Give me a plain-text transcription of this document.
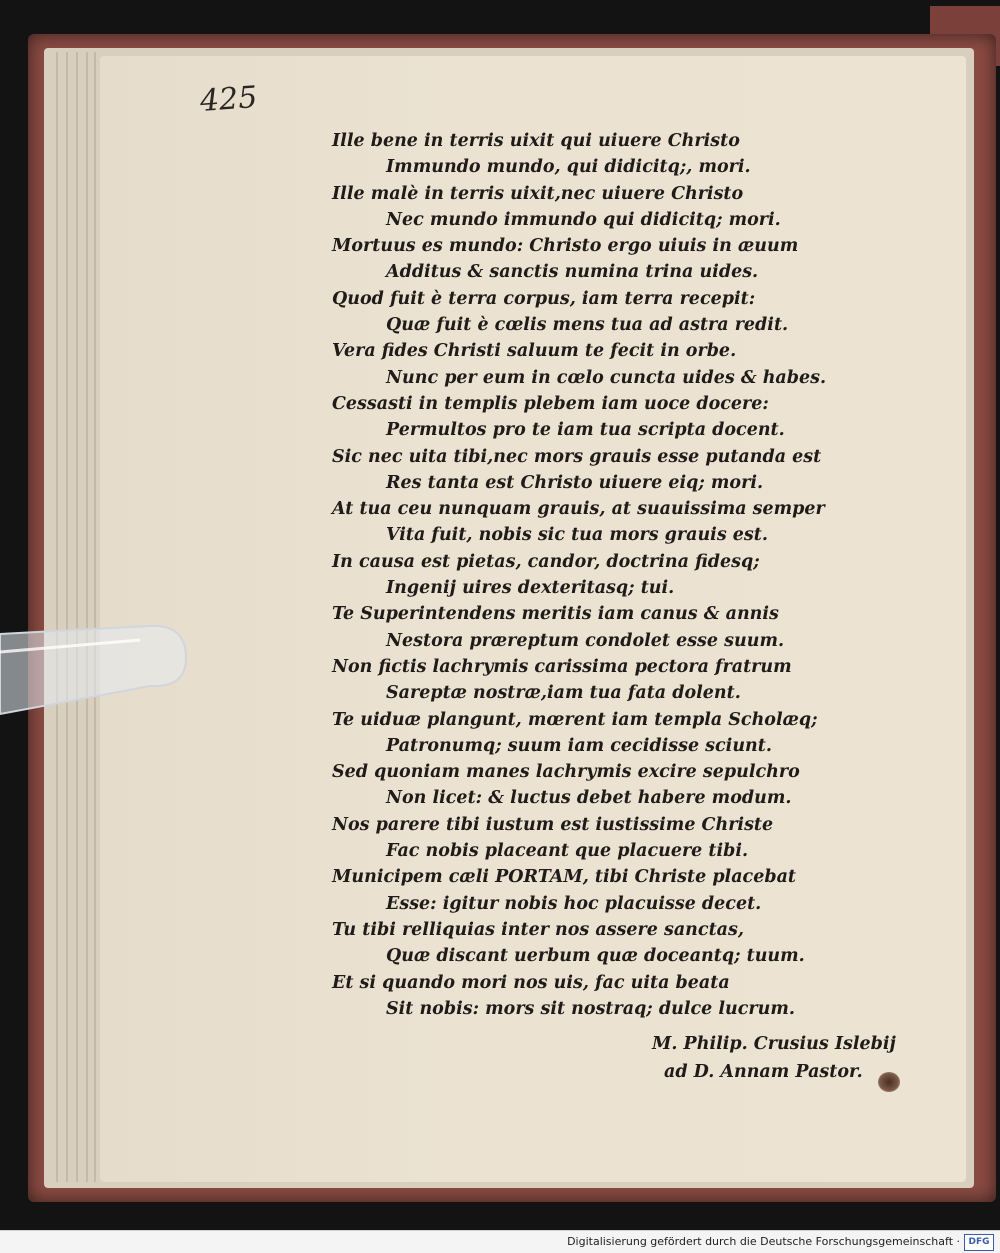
425
Ille bene in terris uixit qui uiuere Christo
Immundo mundo, qui didicitq;, mori.
Ille malè in terris uixit,nec uiuere Christo
Nec mundo immundo qui didicitq; mori.
Mortuus es mundo: Christo ergo uiuis in æuum
Additus & sanctis numina trina uides.
Quod fuit è terra corpus, iam terra recepit:
Quæ fuit è cœlis mens tua ad astra redit.
Vera fides Christi saluum te fecit in orbe.
Nunc per eum in cœlo cuncta uides & habes.
Cessasti in templis plebem iam uoce docere:
Permultos pro te iam tua scripta docent.
Sic nec uita tibi,nec mors grauis esse putanda est
Res tanta est Christo uiuere eiq; mori.
At tua ceu nunquam grauis, at suauissima semper
Vita fuit, nobis sic tua mors grauis est.
In causa est pietas, candor, doctrina fidesq;
Ingenij uires dexteritasq; tui.
Te Superintendens meritis iam canus & annis
Nestora præreptum condolet esse suum.
Non fictis lachrymis carissima pectora fratrum
Sareptæ nostræ,iam tua fata dolent.
Te uiduæ plangunt, mœrent iam templa Scholæq;
Patronumq; suum iam cecidisse sciunt.
Sed quoniam manes lachrymis excire sepulchro
Non licet: & luctus debet habere modum.
Nos parere tibi iustum est iustissime Christe
Fac nobis placeant que placuere tibi.
Municipem cæli PORTAM, tibi Christe placebat
Esse: igitur nobis hoc placuisse decet.
Tu tibi relliquias inter nos assere sanctas,
Quæ discant uerbum quæ doceantq; tuum.
Et si quando mori nos uis, fac uita beata
Sit nobis: mors sit nostraq; dulce lucrum.
M. Philip. Crusius Islebij
ad D. Annam Pastor.
Digitalisierung gefördert durch die Deutsche Forschungsgemeinschaft · DFG
